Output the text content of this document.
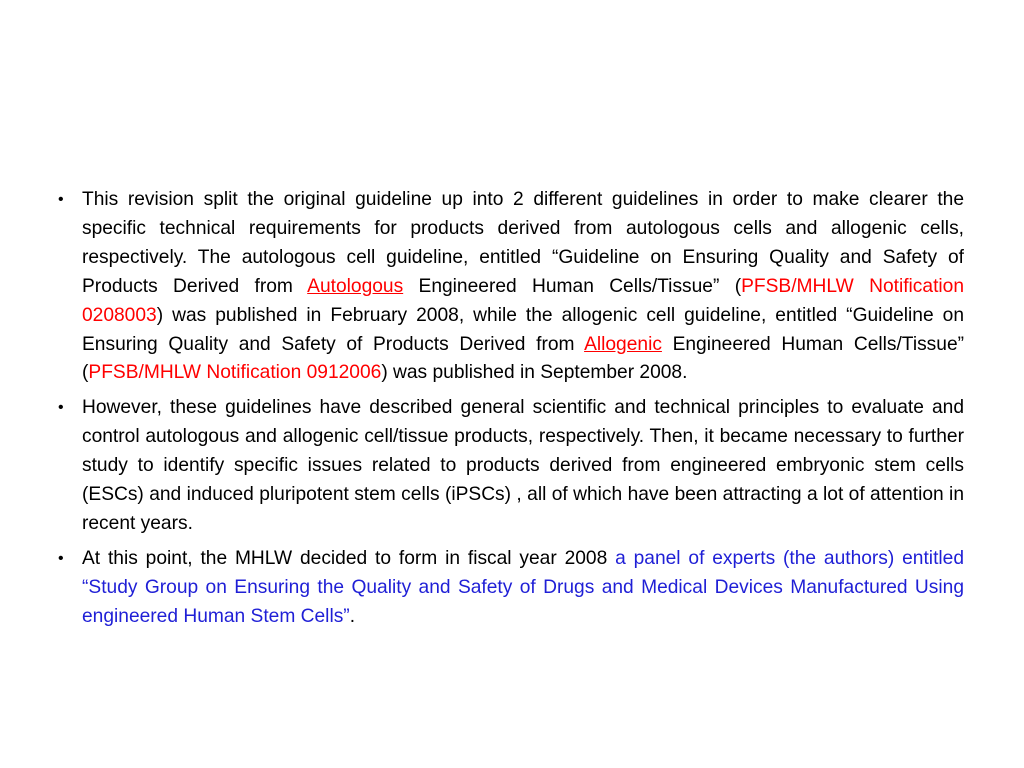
• This revision split the original guideline up into 2 different guidelines in order to make clearer the specific technical requirements for products derived from autologous cells and allogenic cells, respectively. The autologous cell guideline, entitled “Guideline on Ensuring Quality and Safety of Products Derived from Autologous Engineered Human Cells/Tissue” (PFSB/MHLW Notification 0208003) was published in February 2008, while the allogenic cell guideline, entitled “Guideline on Ensuring Quality and Safety of Products Derived from Allogenic Engineered Human Cells/Tissue” (PFSB/MHLW Notification 0912006) was published in September 2008.
• However, these guidelines have described general scientific and technical principles to evaluate and control autologous and allogenic cell/tissue products, respectively. Then, it became necessary to further study to identify specific issues related to products derived from engineered embryonic stem cells (ESCs) and induced pluripotent stem cells (iPSCs) , all of which have been attracting a lot of attention in recent years.
• At this point, the MHLW decided to form in fiscal year 2008 a panel of experts (the authors) entitled “Study Group on Ensuring the Quality and Safety of Drugs and Medical Devices Manufactured Using engineered Human Stem Cells”.
